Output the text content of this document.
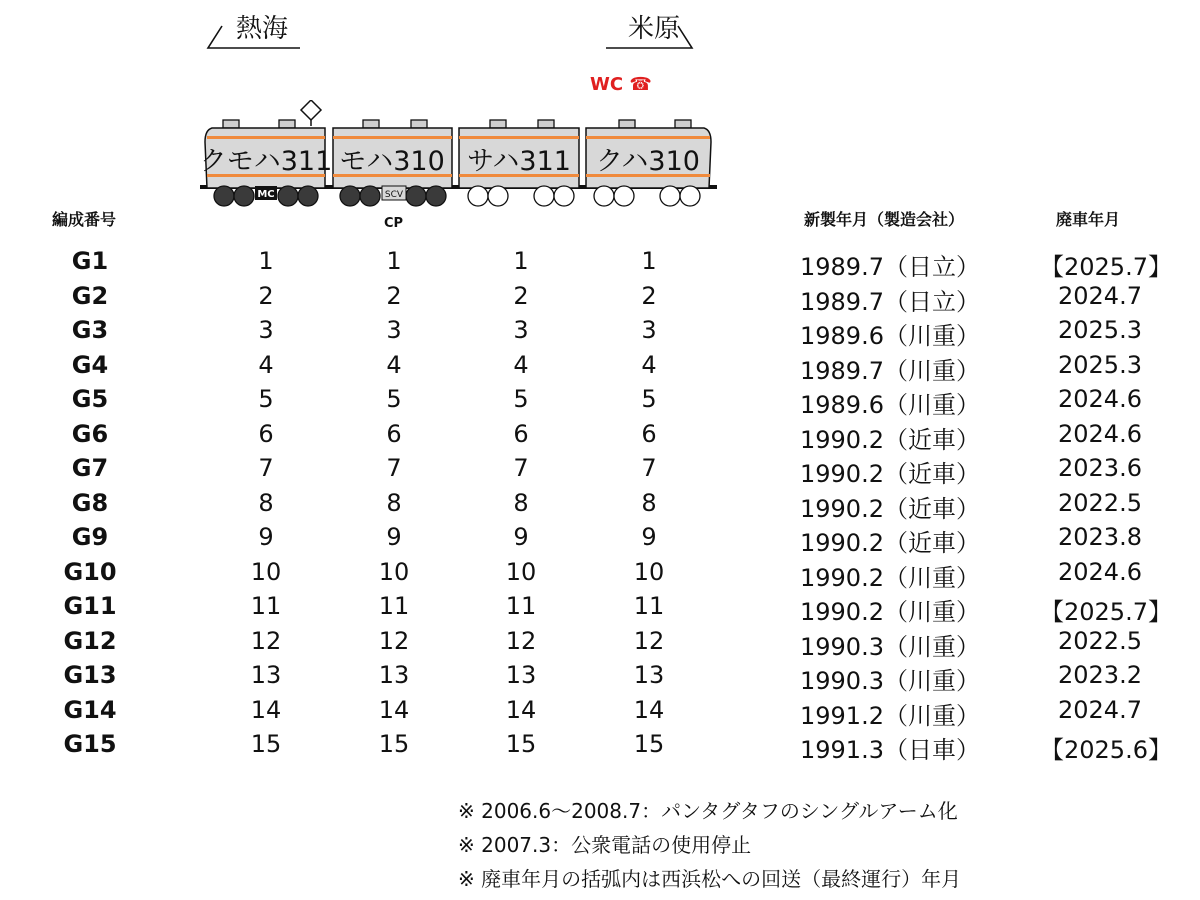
熱海	米原
WC ☎
クモハ311 モハ310 サハ311 クハ310
MC	SCV
CP
編成番号	新製年月（製造会社）	廃車年月
G1	1	1	1	1	1989.7（日立）	【2025.7】
G2	2	2	2	2	1989.7（日立）	2024.7
G3	3	3	3	3	1989.6（川重）	2025.3
G4	4	4	4	4	1989.7（川重）	2025.3
G5	5	5	5	5	1989.6（川重）	2024.6
G6	6	6	6	6	1990.2（近車）	2024.6
G7	7	7	7	7	1990.2（近車）	2023.6
G8	8	8	8	8	1990.2（近車）	2022.5
G9	9	9	9	9	1990.2（近車）	2023.8
G10	10	10	10	10	1990.2（川重）	2024.6
G11	11	11	11	11	1990.2（川重）	【2025.7】
G12	12	12	12	12	1990.3（川重）	2022.5
G13	13	13	13	13	1990.3（川重）	2023.2
G14	14	14	14	14	1991.2（川重）	2024.7
G15	15	15	15	15	1991.3（日車）	【2025.6】
※ 2006.6〜2008.7：パンタグタフのシングルアーム化
※ 2007.3：公衆電話の使用停止
※ 廃車年月の括弧内は西浜松への回送（最終運行）年月
